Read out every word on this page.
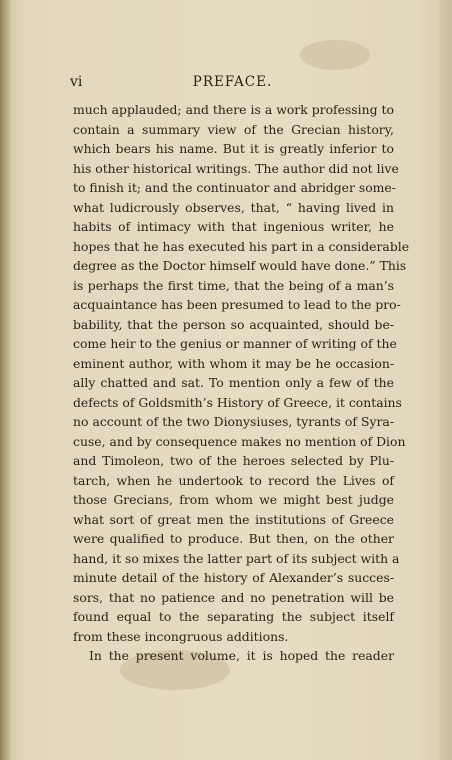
vi	PREFACE.
much applauded; and there is a work professing to
contain a summary view of the Grecian history,
which bears his name. But it is greatly inferior to
his other historical writings. The author did not live
to finish it; and the continuator and abridger some-
what ludicrously observes, that, “ having lived in
habits of intimacy with that ingenious writer, he
hopes that he has executed his part in a considerable
degree as the Doctor himself would have done.” This
is perhaps the first time, that the being of a man’s
acquaintance has been presumed to lead to the pro-
bability, that the person so acquainted, should be-
come heir to the genius or manner of writing of the
eminent author, with whom it may be he occasion-
ally chatted and sat. To mention only a few of the
defects of Goldsmith’s History of Greece, it contains
no account of the two Dionysiuses, tyrants of Syra-
cuse, and by consequence makes no mention of Dion
and Timoleon, two of the heroes selected by Plu-
tarch, when he undertook to record the Lives of
those Grecians, from whom we might best judge
what sort of great men the institutions of Greece
were qualified to produce. But then, on the other
hand, it so mixes the latter part of its subject with a
minute detail of the history of Alexander’s succes-
sors, that no patience and no penetration will be
found equal to the separating the subject itself
from these incongruous additions.
In the present volume, it is hoped the reader
